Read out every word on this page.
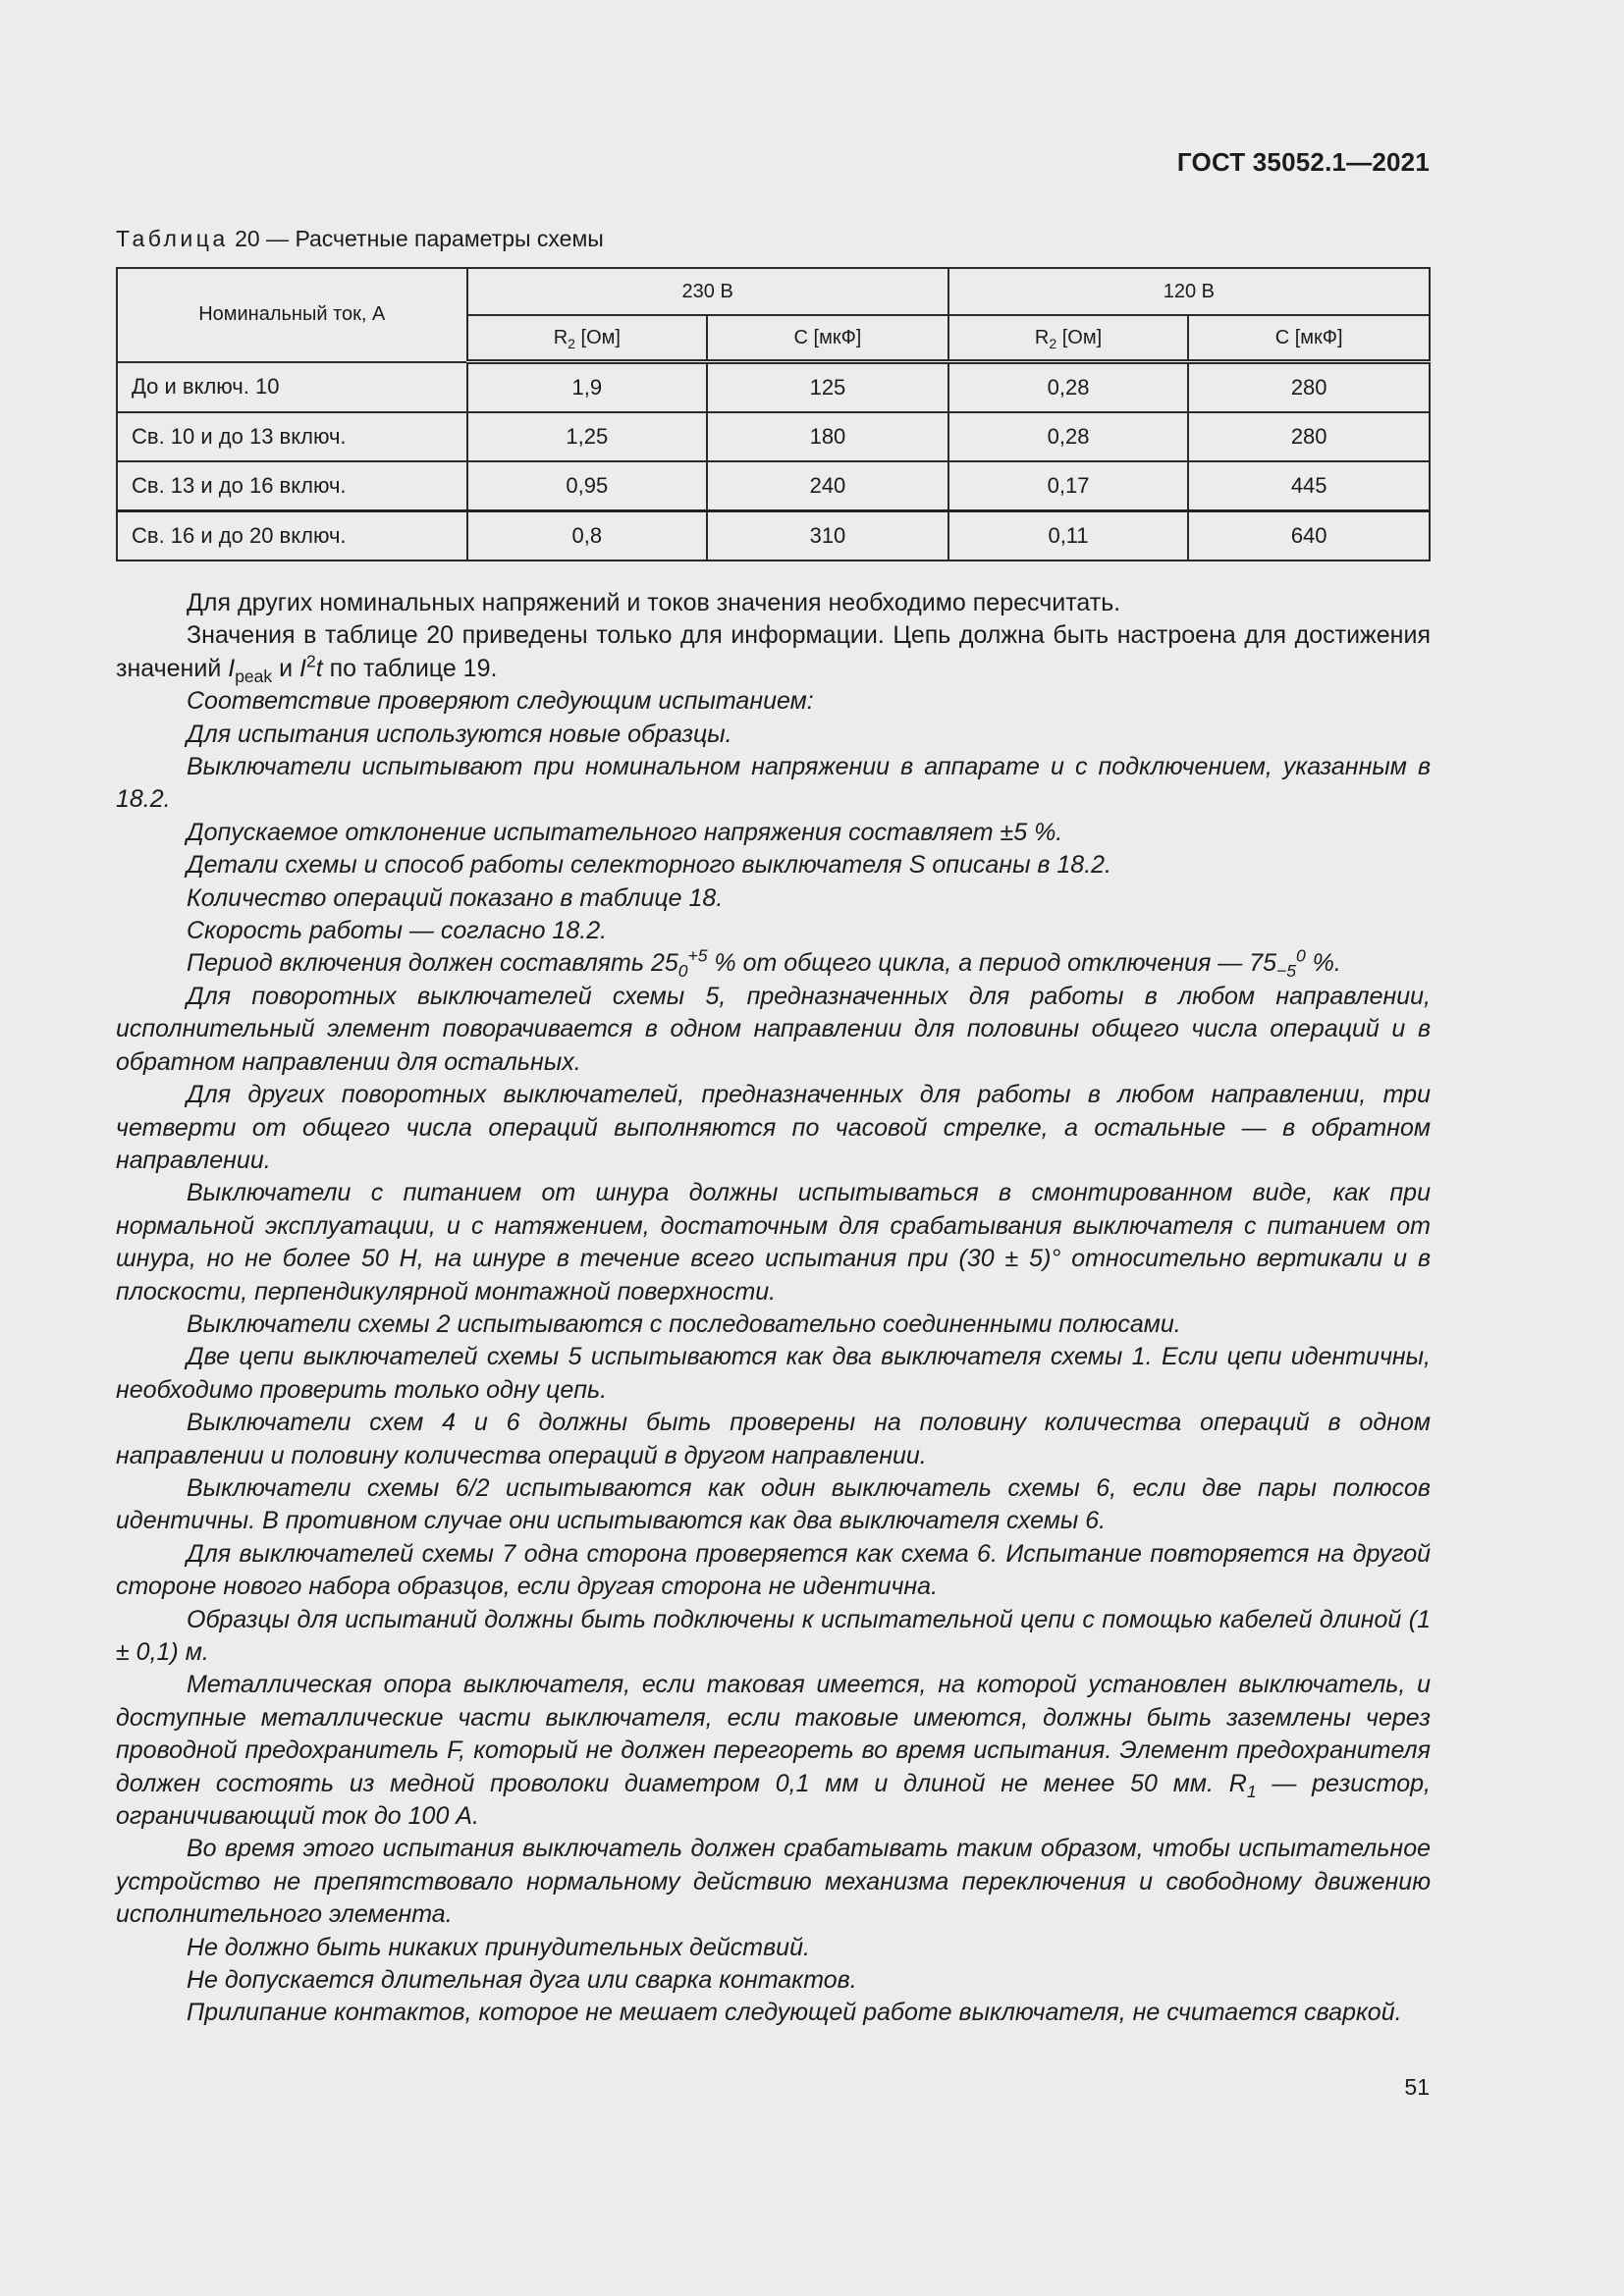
ГОСТ 35052.1—2021
Таблица 20 — Расчетные параметры схемы
Номинальный ток, А	230 В		120 В	
	$R_2$ [Ом]	С [мкФ]	$R_2$ [Ом]	С [мкФ]
До и включ. 10	1,9	125	0,28	280
Св. 10 и до 13 включ.	1,25	180	0,28	280
Св. 13 и до 16 включ.	0,95	240	0,17	445
Св. 16 и до 20 включ.	0,8	310	0,11	640

Для других номинальных напряжений и токов значения необходимо пересчитать.

Значения в таблице 20 приведены только для информации. Цепь должна быть настроена для достижения значений $I_{peak}$ и $I^2t$ по таблице 19.

Соответствие проверяют следующим испытанием:

Для испытания используются новые образцы.

Выключатели испытывают при номинальном напряжении в аппарате и с подключением, указанным в 18.2.

Допускаемое отклонение испытательного напряжения составляет ±5 %.

Детали схемы и способ работы селекторного выключателя S описаны в 18.2.

Количество операций показано в таблице 18.

Скорость работы — согласно 18.2.

Период включения должен составлять $25_0^{+5}$ % от общего цикла, а период отключения — $75_{-5}^0$ %.

Для поворотных выключателей схемы 5, предназначенных для работы в любом направлении, исполнительный элемент поворачивается в одном направлении для половины общего числа операций и в обратном направлении для остальных.

Для других поворотных выключателей, предназначенных для работы в любом направлении, три четверти от общего числа операций выполняются по часовой стрелке, а остальные — в обратном направлении.

Выключатели с питанием от шнура должны испытываться в смонтированном виде, как при нормальной эксплуатации, и с натяжением, достаточным для срабатывания выключателя с питанием от шнура, но не более 50 Н, на шнуре в течение всего испытания при (30 ± 5)° относительно вертикали и в плоскости, перпендикулярной монтажной поверхности.

Выключатели схемы 2 испытываются с последовательно соединенными полюсами.

Две цепи выключателей схемы 5 испытываются как два выключателя схемы 1. Если цепи идентичны, необходимо проверить только одну цепь.

Выключатели схем 4 и 6 должны быть проверены на половину количества операций в одном направлении и половину количества операций в другом направлении.

Выключатели схемы 6/2 испытываются как один выключатель схемы 6, если две пары полюсов идентичны. В противном случае они испытываются как два выключателя схемы 6.

Для выключателей схемы 7 одна сторона проверяется как схема 6. Испытание повторяется на другой стороне нового набора образцов, если другая сторона не идентична.

Образцы для испытаний должны быть подключены к испытательной цепи с помощью кабелей длиной (1 ± 0,1) м.

Металлическая опора выключателя, если таковая имеется, на которой установлен выключатель, и доступные металлические части выключателя, если таковые имеются, должны быть заземлены через проводной предохранитель F, который не должен перегореть во время испытания. Элемент предохранителя должен состоять из медной проволоки диаметром 0,1 мм и длиной не менее 50 мм. $R_1$ — резистор, ограничивающий ток до 100 А.

Во время этого испытания выключатель должен срабатывать таким образом, чтобы испытательное устройство не препятствовало нормальному действию механизма переключения и свободному движению исполнительного элемента.

Не должно быть никаких принудительных действий.

Не допускается длительная дуга или сварка контактов.

Прилипание контактов, которое не мешает следующей работе выключателя, не считается сваркой.

51
